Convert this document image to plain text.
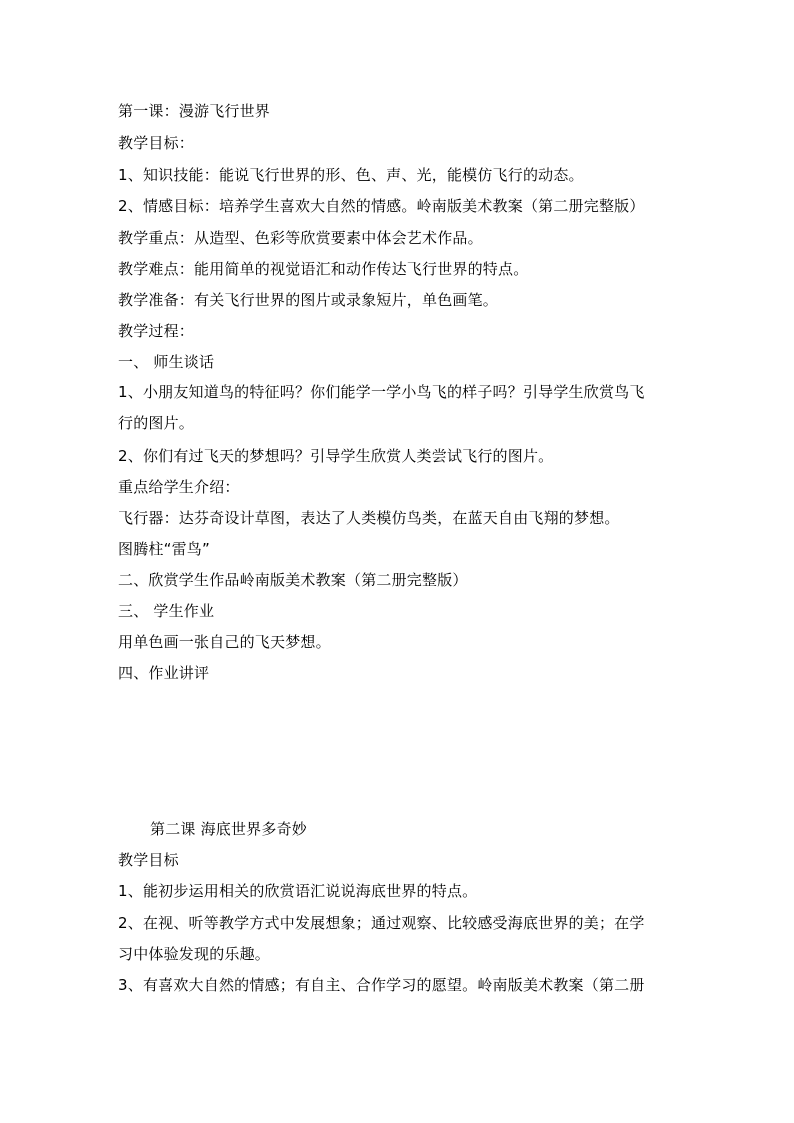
第一课：漫游飞行世界
教学目标：
1、知识技能：能说飞行世界的形、色、声、光，能模仿飞行的动态。
2、情感目标：培养学生喜欢大自然的情感。岭南版美术教案（第二册完整版）
教学重点：从造型、色彩等欣赏要素中体会艺术作品。
教学难点：能用简单的视觉语汇和动作传达飞行世界的特点。
教学准备：有关飞行世界的图片或录象短片，单色画笔。
教学过程：
一、 师生谈话
1、小朋友知道鸟的特征吗？你们能学一学小鸟飞的样子吗？引导学生欣赏鸟飞
行的图片。
2、你们有过飞天的梦想吗？引导学生欣赏人类尝试飞行的图片。
重点给学生介绍：
飞行器：达芬奇设计草图，表达了人类模仿鸟类，在蓝天自由飞翔的梦想。
图腾柱“雷鸟”
二、欣赏学生作品岭南版美术教案（第二册完整版）
三、 学生作业
用单色画一张自己的飞天梦想。
四、作业讲评
第二课 海底世界多奇妙
教学目标
1、能初步运用相关的欣赏语汇说说海底世界的特点。
2、在视、听等教学方式中发展想象；通过观察、比较感受海底世界的美；在学
习中体验发现的乐趣。
3、有喜欢大自然的情感；有自主、合作学习的愿望。岭南版美术教案（第二册
